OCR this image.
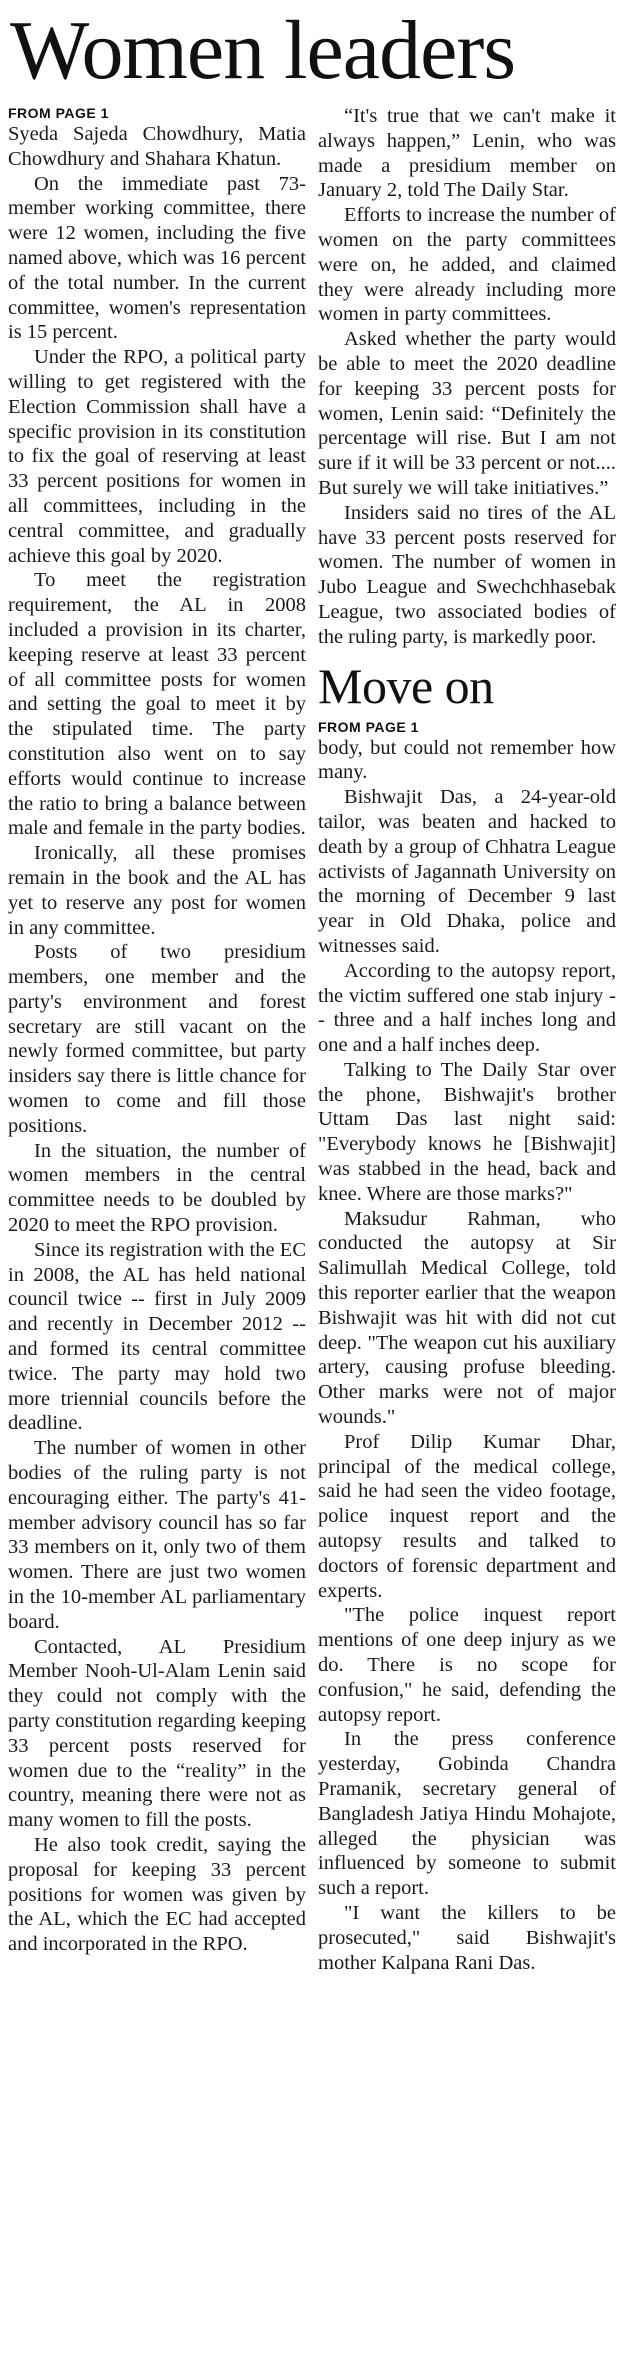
Women leaders

FROM PAGE 1

Syeda Sajeda Chowdhury, Matia Chowdhury and Shahara Khatun.

On the immediate past 73-member working committee, there were 12 women, including the five named above, which was 16 percent of the total number. In the current committee, women's representation is 15 percent.

Under the RPO, a political party willing to get registered with the Election Commission shall have a specific provision in its constitution to fix the goal of reserving at least 33 percent positions for women in all committees, including in the central committee, and gradually achieve this goal by 2020.

To meet the registration requirement, the AL in 2008 included a provision in its charter, keeping reserve at least 33 percent of all committee posts for women and setting the goal to meet it by the stipulated time. The party constitution also went on to say efforts would continue to increase the ratio to bring a balance between male and female in the party bodies.

Ironically, all these promises remain in the book and the AL has yet to reserve any post for women in any committee.

Posts of two presidium members, one member and the party's environment and forest secretary are still vacant on the newly formed committee, but party insiders say there is little chance for women to come and fill those positions.

In the situation, the number of women members in the central committee needs to be doubled by 2020 to meet the RPO provision.

Since its registration with the EC in 2008, the AL has held national council twice -- first in July 2009 and recently in December 2012 -- and formed its central committee twice. The party may hold two more triennial councils before the deadline.

The number of women in other bodies of the ruling party is not encouraging either. The party's 41-member advisory council has so far 33 members on it, only two of them women. There are just two women in the 10-member AL parliamentary board.

Contacted, AL Presidium Member Nooh-Ul-Alam Lenin said they could not comply with the party constitution regarding keeping 33 percent posts reserved for women due to the “reality” in the country, meaning there were not as many women to fill the posts.

He also took credit, saying the proposal for keeping 33 percent positions for women was given by the AL, which the EC had accepted and incorporated in the RPO.

“It's true that we can't make it always happen,” Lenin, who was made a presidium member on January 2, told The Daily Star.

Efforts to increase the number of women on the party committees were on, he added, and claimed they were already including more women in party committees.

Asked whether the party would be able to meet the 2020 deadline for keeping 33 percent posts for women, Lenin said: “Definitely the percentage will rise. But I am not sure if it will be 33 percent or not.... But surely we will take initiatives.”

Insiders said no tires of the AL have 33 percent posts reserved for women. The number of women in Jubo League and Swechchhasebak League, two associated bodies of the ruling party, is markedly poor.

Move on

FROM PAGE 1

body, but could not remember how many.

Bishwajit Das, a 24-year-old tailor, was beaten and hacked to death by a group of Chhatra League activists of Jagannath University on the morning of December 9 last year in Old Dhaka, police and witnesses said.

According to the autopsy report, the victim suffered one stab injury -- three and a half inches long and one and a half inches deep.

Talking to The Daily Star over the phone, Bishwajit's brother Uttam Das last night said: "Everybody knows he [Bishwajit] was stabbed in the head, back and knee. Where are those marks?"

Maksudur Rahman, who conducted the autopsy at Sir Salimullah Medical College, told this reporter earlier that the weapon Bishwajit was hit with did not cut deep. "The weapon cut his auxiliary artery, causing profuse bleeding. Other marks were not of major wounds."

Prof Dilip Kumar Dhar, principal of the medical college, said he had seen the video footage, police inquest report and the autopsy results and talked to doctors of forensic department and experts.

"The police inquest report mentions of one deep injury as we do. There is no scope for confusion," he said, defending the autopsy report.

In the press conference yesterday, Gobinda Chandra Pramanik, secretary general of Bangladesh Jatiya Hindu Mohajote, alleged the physician was influenced by someone to submit such a report.

"I want the killers to be prosecuted," said Bishwajit's mother Kalpana Rani Das.
